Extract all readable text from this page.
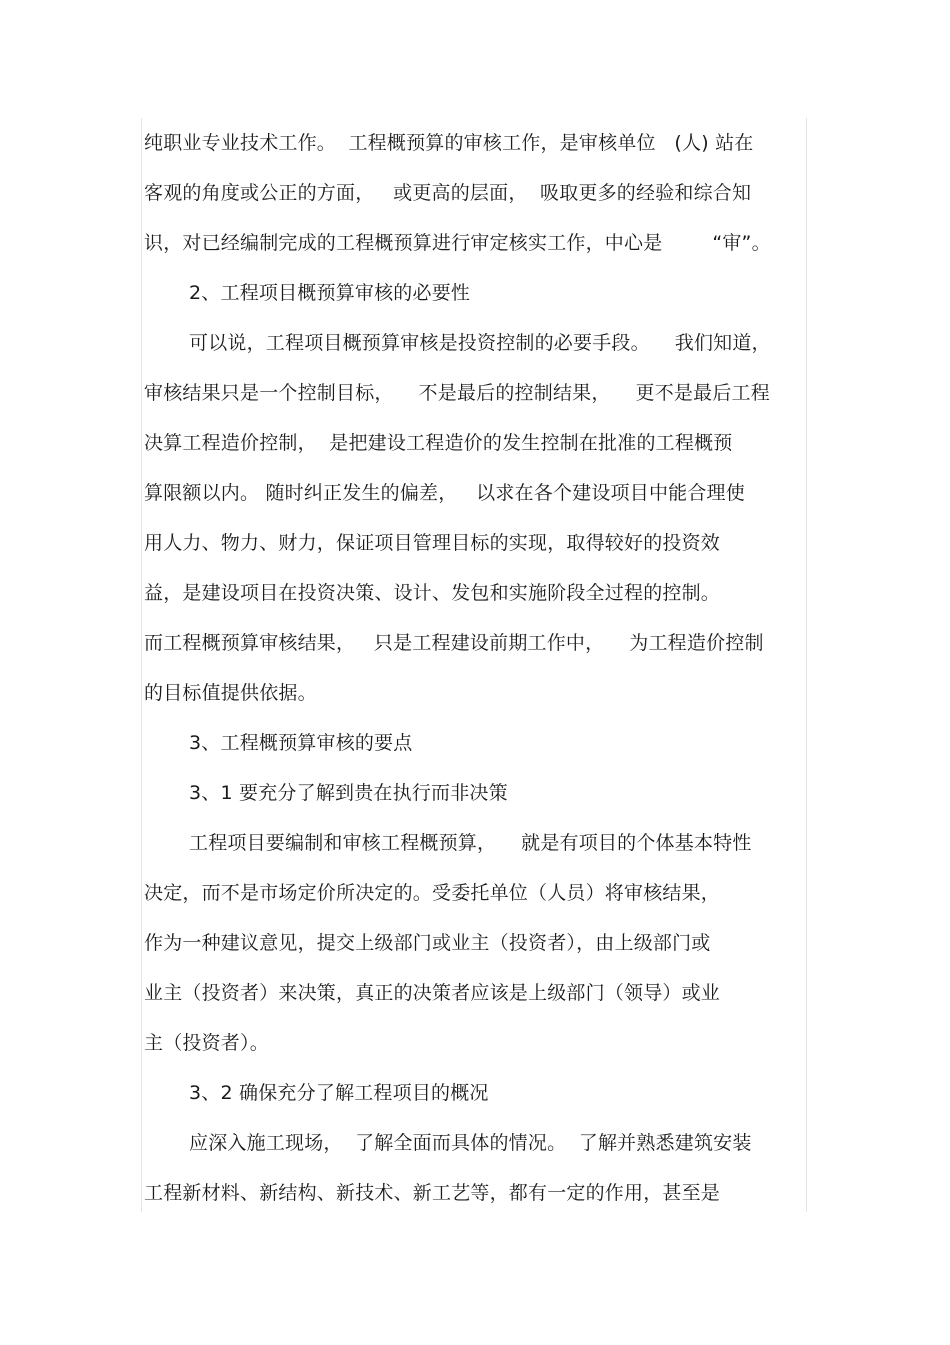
纯职业专业技术工作。  工程概预算的审核工作，是审核单位   (人) 站在
客观的角度或公正的方面，   或更高的层面，  吸取更多的经验和综合知
识，对已经编制完成的工程概预算进行审定核实工作，中心是        “审”。
2、工程项目概预算审核的必要性
可以说，工程项目概预算审核是投资控制的必要手段。    我们知道，
审核结果只是一个控制目标，    不是最后的控制结果，    更不是最后工程
决算工程造价控制，  是把建设工程造价的发生控制在批准的工程概预
算限额以内。 随时纠正发生的偏差，   以求在各个建设项目中能合理使
用人力、物力、财力，保证项目管理目标的实现，取得较好的投资效
益，是建设项目在投资决策、设计、发包和实施阶段全过程的控制。
而工程概预算审核结果，   只是工程建设前期工作中，    为工程造价控制
的目标值提供依据。
3、工程概预算审核的要点
3、1 要充分了解到贵在执行而非决策
工程项目要编制和审核工程概预算，    就是有项目的个体基本特性
决定，而不是市场定价所决定的。受委托单位（人员）将审核结果，
作为一种建议意见，提交上级部门或业主（投资者），由上级部门或
业主（投资者）来决策，真正的决策者应该是上级部门（领导）或业
主（投资者）。
3、2 确保充分了解工程项目的概况
应深入施工现场，  了解全面而具体的情况。  了解并熟悉建筑安装
工程新材料、新结构、新技术、新工艺等，都有一定的作用，甚至是
